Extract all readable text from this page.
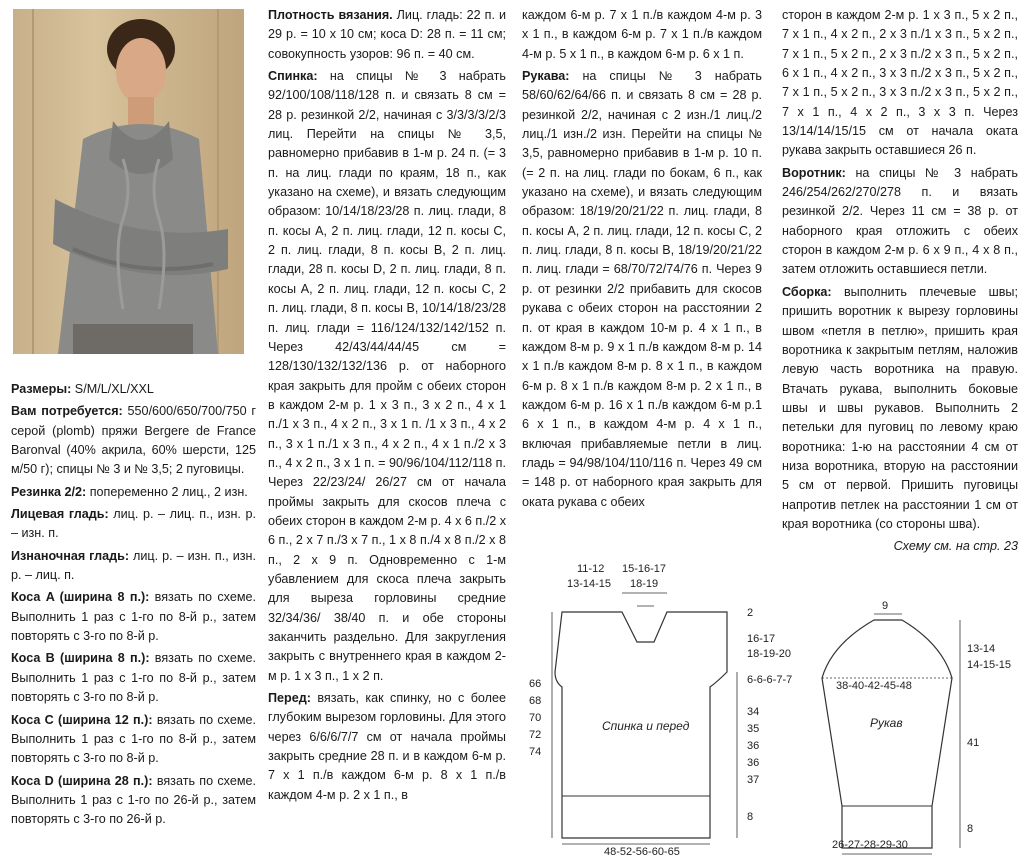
Размеры: S/M/L/XL/XXL

Вам потребуется: 550/600/650/700/750 г серой (plomb) пряжи Bergere de France Baronval (40% акрила, 60% шерсти, 125 м/50 г); спицы № 3 и № 3,5; 2 пуговицы.

Резинка 2/2: попеременно 2 лиц., 2 изн.

Лицевая гладь: лиц. р. – лиц. п., изн. р. – изн. п.

Изнаночная гладь: лиц. р. – изн. п., изн. р. – лиц. п.

Коса A (ширина 8 п.): вязать по схеме. Выполнить 1 раз с 1-го по 8-й р., затем повторять с 3-го по 8-й р.

Коса B (ширина 8 п.): вязать по схеме. Выполнить 1 раз с 1-го по 8-й р., затем повторять с 3-го по 8-й р.

Коса C (ширина 12 п.): вязать по схеме. Выполнить 1 раз с 1-го по 8-й р., затем повторять с 3-го по 8-й р.

Коса D (ширина 28 п.): вязать по схеме. Выполнить 1 раз с 1-го по 26-й р., затем повторять с 3-го по 26-й р.

Плотность вязания. Лиц. гладь: 22 п. и 29 р. = 10 x 10 см; коса D: 28 п. = 11 см; совокупность узоров: 96 п. = 40 см.

Спинка: на спицы № 3 набрать 92/100/108/118/128 п. и связать 8 см = 28 р. резинкой 2/2, начиная с 3/3/3/3/2/3 лиц. Перейти на спицы № 3,5, равномерно прибавив в 1-м р. 24 п. (= 3 п. на лиц. глади по краям, 18 п., как указано на схеме), и вязать следующим образом: 10/14/18/23/28 п. лиц. глади, 8 п. косы A, 2 п. лиц. глади, 12 п. косы C, 2 п. лиц. глади, 8 п. косы B, 2 п. лиц. глади, 28 п. косы D, 2 п. лиц. глади, 8 п. косы A, 2 п. лиц. глади, 12 п. косы C, 2 п. лиц. глади, 8 п. косы B, 10/14/18/23/28 п. лиц. глади = 116/124/132/142/152 п. Через 42/43/44/44/45 см = 128/130/132/132/136 р. от наборного края закрыть для пройм с обеих сторон в каждом 2-м р. 1 x 3 п., 3 x 2 п., 4 x 1 п./1 x 3 п., 4 x 2 п., 3 x 1 п. /1 x 3 п., 4 x 2 п., 3 x 1 п./1 x 3 п., 4 x 2 п., 4 x 1 п./2 x 3 п., 4 x 2 п., 3 x 1 п. = 90/96/104/112/118 п. Через 22/23/24/ 26/27 см от начала проймы закрыть для скосов плеча с обеих сторон в каждом 2-м р. 4 x 6 п./2 x 6 п., 2 x 7 п./3 x 7 п., 1 x 8 п./4 x 8 п./2 x 8 п., 2 x 9 п. Одновременно с 1-м убавлением для скоса плеча закрыть для выреза горловины средние 32/34/36/ 38/40 п. и обе стороны заканчить раздельно. Для закругления закрыть с внутреннего края в каждом 2-м р. 1 x 3 п., 1 x 2 п.

Перед: вязать, как спинку, но с более глубоким вырезом горловины. Для этого через 6/6/6/7/7 см от начала проймы закрыть средние 28 п. и в каждом 6-м р. 7 x 1 п./в каждом 6-м р. 8 x 1 п./в каждом 4-м р. 2 x 1 п., в

каждом 6-м р. 7 x 1 п./в каждом 4-м р. 3 x 1 п., в каждом 6-м р. 7 x 1 п./в каждом 4-м р. 5 x 1 п., в каждом 6-м р. 6 x 1 п.

Рукава: на спицы № 3 набрать 58/60/62/64/66 п. и связать 8 см = 28 р. резинкой 2/2, начиная с 2 изн./1 лиц./2 лиц./1 изн./2 изн. Перейти на спицы № 3,5, равномерно прибавив в 1-м р. 10 п. (= 2 п. на лиц. глади по бокам, 6 п., как указано на схеме), и вязать следующим образом: 18/19/20/21/22 п. лиц. глади, 8 п. косы A, 2 п. лиц. глади, 12 п. косы C, 2 п. лиц. глади, 8 п. косы B, 18/19/20/21/22 п. лиц. глади = 68/70/72/74/76 п. Через 9 р. от резинки 2/2 прибавить для скосов рукава с обеих сторон на расстоянии 2 п. от края в каждом 10-м р. 4 x 1 п., в каждом 8-м р. 9 x 1 п./в каждом 8-м р. 14 x 1 п./в каждом 8-м р. 8 x 1 п., в каждом 6-м р. 8 x 1 п./в каждом 8-м р. 2 x 1 п., в каждом 6-м р. 16 x 1 п./в каждом 6-м р.1 6 x 1 п., в каждом 4-м р. 4 x 1 п., включая прибавляемые петли в лиц. гладь = 94/98/104/110/116 п. Через 49 см = 148 р. от наборного края закрыть для оката рукава с обеих

сторон в каждом 2-м р. 1 x 3 п., 5 x 2 п., 7 x 1 п., 4 x 2 п., 2 x 3 п./1 x 3 п., 5 x 2 п., 7 x 1 п., 5 x 2 п., 2 x 3 п./2 x 3 п., 5 x 2 п., 6 x 1 п., 4 x 2 п., 3 x 3 п./2 x 3 п., 5 x 2 п., 7 x 1 п., 5 x 2 п., 3 x 3 п./2 x 3 п., 5 x 2 п., 7 x 1 п., 4 x 2 п., 3 x 3 п. Через 13/14/14/15/15 см от начала оката рукава закрыть оставшиеся 26 п.

Воротник: на спицы № 3 набрать 246/254/262/270/278 п. и вязать резинкой 2/2. Через 11 см = 38 р. от наборного края отложить с обеих сторон в каждом 2-м р. 6 x 9 п., 4 x 8 п., затем отложить оставшиеся петли.

Сборка: выполнить плечевые швы; пришить воротник к вырезу горловины швом «петля в петлю», пришить края воротника к закрытым петлям, наложив левую часть воротника на правую. Втачать рукава, выполнить боковые швы и швы рукавов. Выполнить 2 петельки для пуговиц по левому краю воротника: 1-ю на расстоянии 4 см от низа воротника, вторую на расстоянии 5 см от первой. Пришить пуговицы напротив петлек на расстоянии 1 см от края воротника (со стороны шва).

Схему см. на стр. 23

11-12
13-14-15
15-16-17
18-19
2
16-17
18-19-20
6-6-6-7-7
66
68
70
72
74
34
35
36
36
37
8
48-52-56-60-65
Спинка и перед
9
13-14
14-15-15
38-40-42-45-48
41
8
26-27-28-29-30
Рукав
